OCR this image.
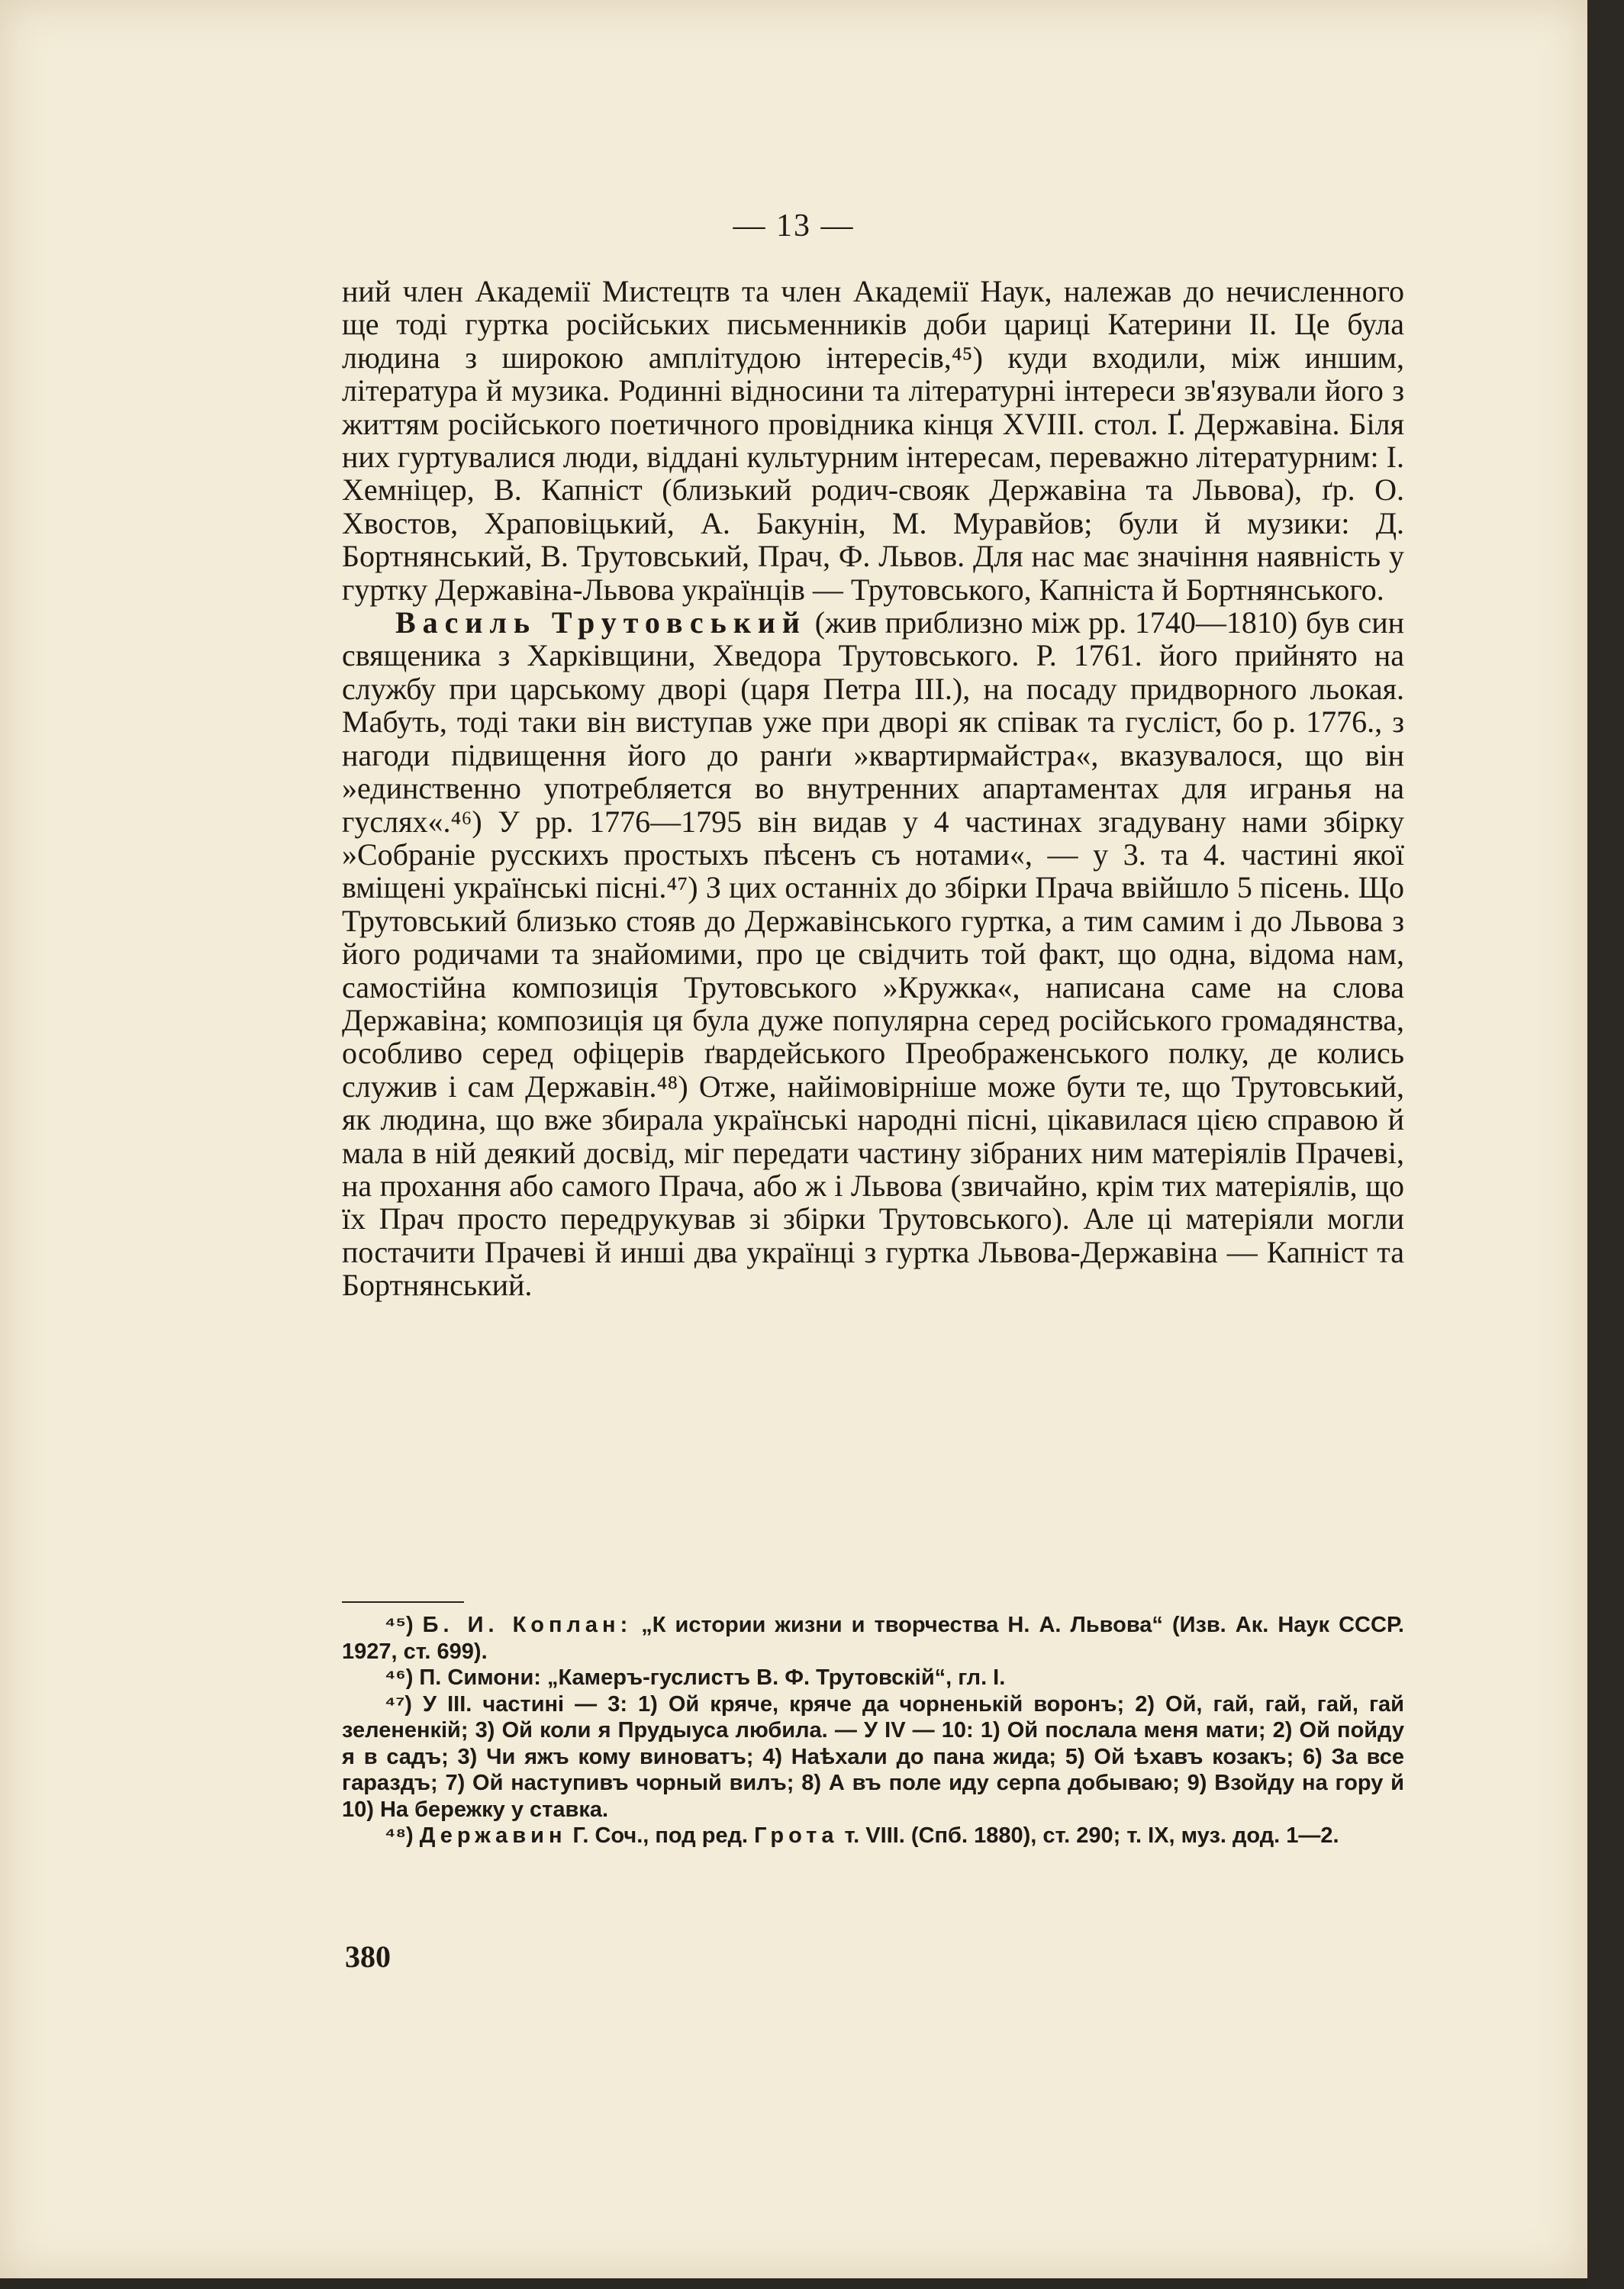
— 13 —

ний член Академії Мистецтв та член Академії Наук, належав до нечисленного ще тоді гуртка російських письменників доби цариці Катерини II. Це була людина з широкою амплітудою інтересів,⁴⁵) куди входили, між иншим, література й музика. Родинні відносини та літературні інтереси зв'язували його з життям російського поетичного провідника кінця XVIII. стол. Ґ. Державіна. Біля них гуртувалися люди, віддані культурним інтересам, переважно літературним: І. Хемніцер, В. Капніст (близький родич-свояк Державіна та Львова), ґр. О. Хвостов, Храповіцький, А. Бакунін, М. Муравйов; були й музики: Д. Бортнянський, В. Трутовський, Прач, Ф. Львов. Для нас має значіння наявність у гуртку Державіна-Львова українців — Трутовського, Капніста й Бортнянського.

Василь Трутовський (жив приблизно між рр. 1740—1810) був син священика з Харківщини, Хведора Трутовського. Р. 1761. його прийнято на службу при царському дворі (царя Петра III.), на посаду придворного льокая. Мабуть, тоді таки він виступав уже при дворі як співак та гусліст, бо р. 1776., з нагоди підвищення його до ранґи »квартирмайстра«, вказувалося, що він »единственно употребляется во внутренних апартаментах для игранья на гуслях«.⁴⁶) У рр. 1776—1795 він видав у 4 частинах згадувану нами збірку »Собраніе русскихъ простыхъ пѣсенъ съ нотами«, — у 3. та 4. частині якої вміщені українські пісні.⁴⁷) З цих останніх до збірки Прача ввійшло 5 пісень. Що Трутовський близько стояв до Державінського гуртка, а тим самим і до Львова з його родичами та знайомими, про це свідчить той факт, що одна, відома нам, самостійна композиція Трутовського »Кружка«, написана саме на слова Державіна; композиція ця була дуже популярна серед російського громадянства, особливо серед офіцерів ґвардейського Преображенського полку, де колись служив і сам Державін.⁴⁸) Отже, найімовірніше може бути те, що Трутовський, як людина, що вже збирала українські народні пісні, цікавилася цією справою й мала в ній деякий досвід, міг передати частину зібраних ним матеріялів Прачеві, на прохання або самого Прача, або ж і Львова (звичайно, крім тих матеріялів, що їх Прач просто передрукував зі збірки Трутовського). Але ці матеріяли могли постачити Прачеві й инші два українці з гуртка Львова-Державіна — Капніст та Бортнянський.

⁴⁵) Б. И. Коплан: „К истории жизни и творчества Н. А. Львова“ (Изв. Ак. Наук СССР. 1927, ст. 699).

⁴⁶) П. Симони: „Камеръ-гуслистъ В. Ф. Трутовскій“, гл. I.

⁴⁷) У III. частині — 3: 1) Ой кряче, кряче да чорненькій воронъ; 2) Ой, гай, гай, гай, гай зелененкій; 3) Ой коли я Прудыуса любила. — У IV — 10: 1) Ой послала меня мати; 2) Ой пойду я в садъ; 3) Чи яжъ кому виноватъ; 4) Наѣхали до пана жида; 5) Ой ѣхавъ козакъ; 6) За все гараздъ; 7) Ой наступивъ чорный вилъ; 8) А въ поле иду серпа добываю; 9) Взойду на гору й 10) На бережку у ставка.

⁴⁸) Державин Г. Соч., под ред. Грота т. VIII. (Спб. 1880), ст. 290; т. IX, муз. дод. 1—2.

380
